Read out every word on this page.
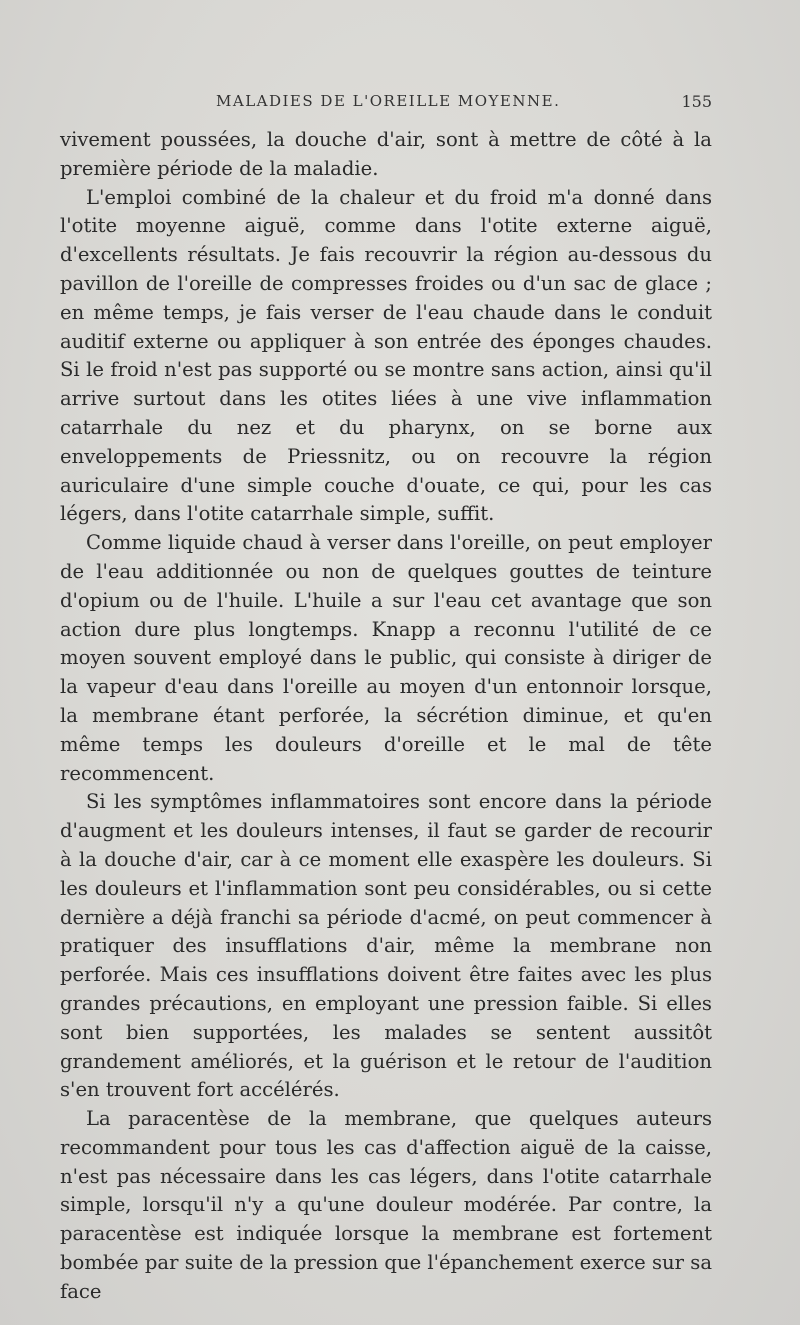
MALADIES DE L'OREILLE MOYENNE.	155

vivement poussées, la douche d'air, sont à mettre de côté à la première période de la maladie.

L'emploi combiné de la chaleur et du froid m'a donné dans l'otite moyenne aiguë, comme dans l'otite externe aiguë, d'excellents résultats. Je fais recouvrir la région au-dessous du pavillon de l'oreille de compresses froides ou d'un sac de glace ; en même temps, je fais verser de l'eau chaude dans le conduit auditif externe ou appliquer à son entrée des éponges chaudes. Si le froid n'est pas supporté ou se montre sans action, ainsi qu'il arrive surtout dans les otites liées à une vive inflammation catarrhale du nez et du pharynx, on se borne aux enveloppements de Priessnitz, ou on recouvre la région auriculaire d'une simple couche d'ouate, ce qui, pour les cas légers, dans l'otite catarrhale simple, suffit.

Comme liquide chaud à verser dans l'oreille, on peut employer de l'eau additionnée ou non de quelques gouttes de teinture d'opium ou de l'huile. L'huile a sur l'eau cet avantage que son action dure plus longtemps. Knapp a reconnu l'utilité de ce moyen souvent employé dans le public, qui consiste à diriger de la vapeur d'eau dans l'oreille au moyen d'un entonnoir lorsque, la membrane étant perforée, la sécrétion diminue, et qu'en même temps les douleurs d'oreille et le mal de tête recommencent.

Si les symptômes inflammatoires sont encore dans la période d'augment et les douleurs intenses, il faut se garder de recourir à la douche d'air, car à ce moment elle exaspère les douleurs. Si les douleurs et l'inflammation sont peu considérables, ou si cette dernière a déjà franchi sa période d'acmé, on peut commencer à pratiquer des insufflations d'air, même la membrane non perforée. Mais ces insufflations doivent être faites avec les plus grandes précautions, en employant une pression faible. Si elles sont bien supportées, les malades se sentent aussitôt grandement améliorés, et la guérison et le retour de l'audition s'en trouvent fort accélérés.

La paracentèse de la membrane, que quelques auteurs recommandent pour tous les cas d'affection aiguë de la caisse, n'est pas nécessaire dans les cas légers, dans l'otite catarrhale simple, lorsqu'il n'y a qu'une douleur modérée. Par contre, la paracentèse est indiquée lorsque la membrane est fortement bombée par suite de la pression que l'épanchement exerce sur sa face
